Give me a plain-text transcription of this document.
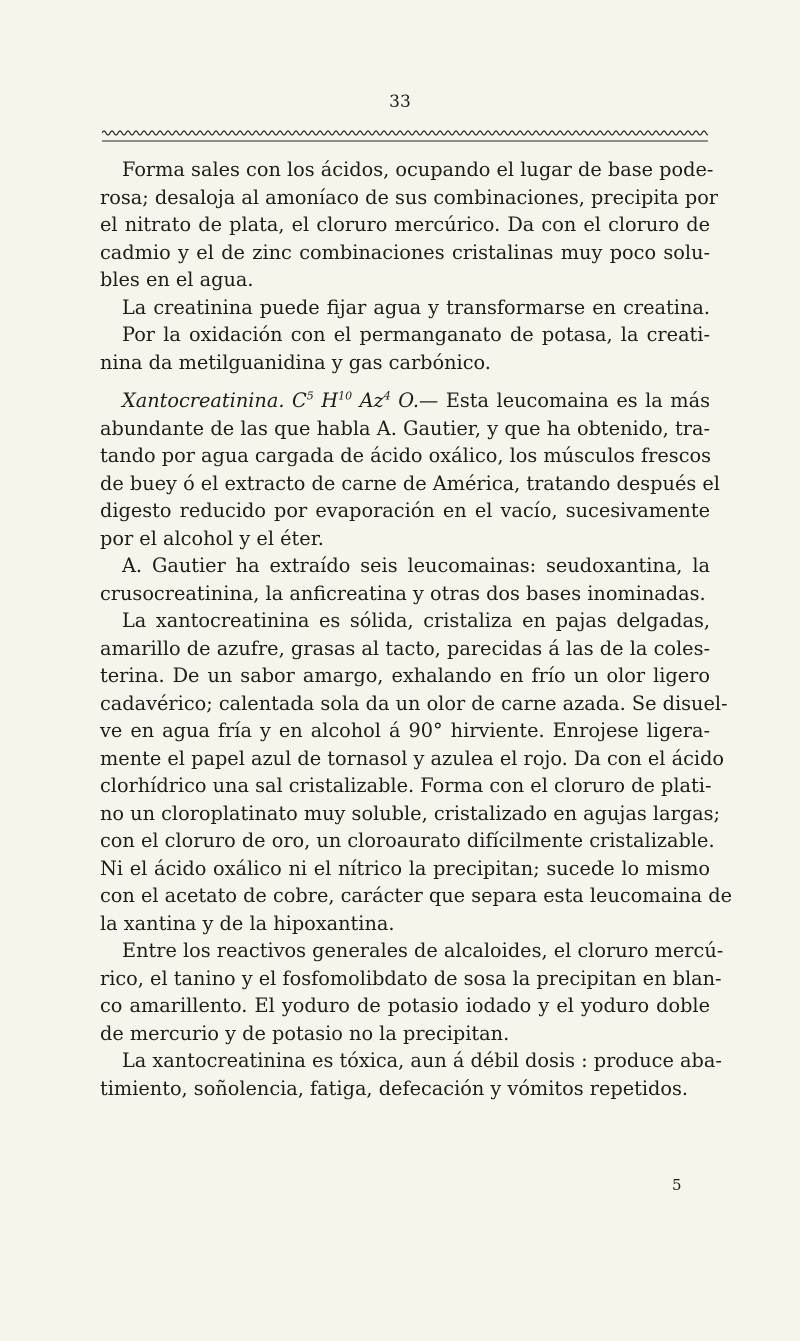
33
Forma sales con los ácidos, ocupando el lugar de base pode-
rosa; desaloja al amoníaco de sus combinaciones, precipita por
el nitrato de plata, el cloruro mercúrico. Da con el cloruro de
cadmio y el de zinc combinaciones cristalinas muy poco solu-
bles en el agua.
La creatinina puede fijar agua y transformarse en creatina.
Por la oxidación con el permanganato de potasa, la creati-
nina da metilguanidina y gas carbónico.
Xantocreatinina. $C^5$ $H^{10}$ Az$^4$ O.— Esta leucomaina es la más
abundante de las que habla A. Gautier, y que ha obtenido, tra-
tando por agua cargada de ácido oxálico, los músculos frescos
de buey ó el extracto de carne de América, tratando después el
digesto reducido por evaporación en el vacío, sucesivamente
por el alcohol y el éter.
A. Gautier ha extraído seis leucomainas: seudoxantina, la
crusocreatinina, la anficreatina y otras dos bases inominadas.
La xantocreatinina es sólida, cristaliza en pajas delgadas,
amarillo de azufre, grasas al tacto, parecidas á las de la coles-
terina. De un sabor amargo, exhalando en frío un olor ligero
cadavérico; calentada sola da un olor de carne azada. Se disuel-
ve en agua fría y en alcohol á 90° hirviente. Enrojese ligera-
mente el papel azul de tornasol y azulea el rojo. Da con el ácido
clorhídrico una sal cristalizable. Forma con el cloruro de plati-
no un cloroplatinato muy soluble, cristalizado en agujas largas;
con el cloruro de oro, un cloroaurato difícilmente cristalizable.
Ni el ácido oxálico ni el nítrico la precipitan; sucede lo mismo
con el acetato de cobre, carácter que separa esta leucomaina de
la xantina y de la hipoxantina.
Entre los reactivos generales de alcaloides, el cloruro mercú-
rico, el tanino y el fosfomolibdato de sosa la precipitan en blan-
co amarillento. El yoduro de potasio iodado y el yoduro doble
de mercurio y de potasio no la precipitan.
La xantocreatinina es tóxica, aun á débil dosis : produce aba-
timiento, soñolencia, fatiga, defecación y vómitos repetidos.
5
